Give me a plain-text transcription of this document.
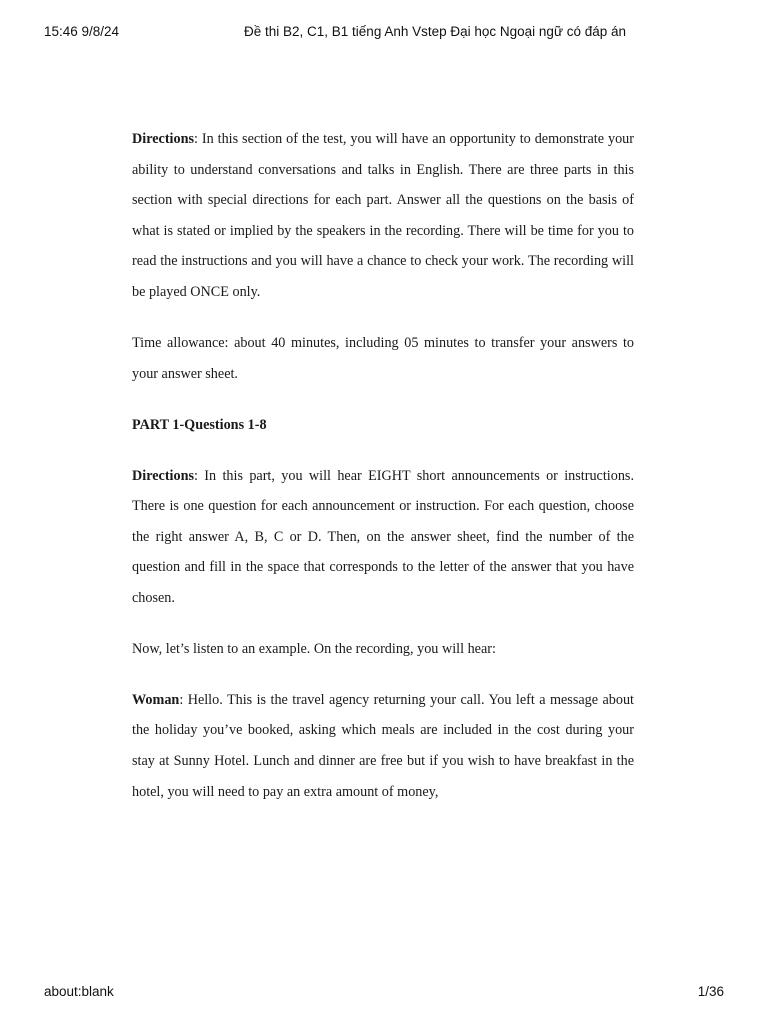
15:46 9/8/24	Đề thi B2, C1, B1 tiếng Anh Vstep Đại học Ngoại ngữ có đáp án

Directions: In this section of the test, you will have an opportunity to demonstrate your ability to understand conversations and talks in English. There are three parts in this section with special directions for each part. Answer all the questions on the basis of what is stated or implied by the speakers in the recording. There will be time for you to read the instructions and you will have a chance to check your work. The recording will be played ONCE only.

Time allowance: about 40 minutes, including 05 minutes to transfer your answers to your answer sheet.

PART 1-Questions 1-8

Directions: In this part, you will hear EIGHT short announcements or instructions. There is one question for each announcement or instruction. For each question, choose the right answer A, B, C or D. Then, on the answer sheet, find the number of the question and fill in the space that corresponds to the letter of the answer that you have chosen.

Now, let’s listen to an example. On the recording, you will hear:

Woman: Hello. This is the travel agency returning your call. You left a message about the holiday you’ve booked, asking which meals are included in the cost during your stay at Sunny Hotel. Lunch and dinner are free but if you wish to have breakfast in the hotel, you will need to pay an extra amount of money,

about:blank	1/36
